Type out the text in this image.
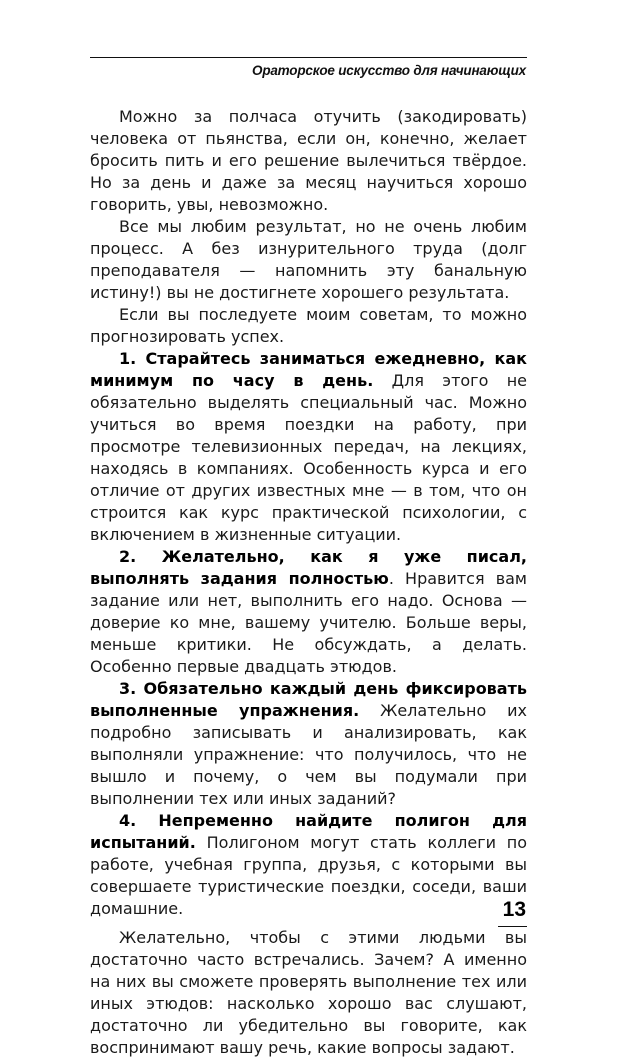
Ораторское искусство для начинающих

Можно за полчаса отучить (закодировать) человека от пьянства, если он, конечно, желает бросить пить и его решение вылечиться твёрдое. Но за день и даже за месяц научиться хорошо говорить, увы, невозможно.

Все мы любим результат, но не очень любим процесс. А без изнурительного труда (долг преподавателя — напомнить эту банальную истину!) вы не достигнете хорошего результата.

Если вы последуете моим советам, то можно прогнозировать успех.

1. Старайтесь заниматься ежедневно, как минимум по часу в день. Для этого не обязательно выделять специальный час. Можно учиться во время поездки на работу, при просмотре телевизионных передач, на лекциях, находясь в компаниях. Особенность курса и его отличие от других известных мне — в том, что он строится как курс практической психологии, с включением в жизненные ситуации.

2. Желательно, как я уже писал, выполнять задания полностью. Нравится вам задание или нет, выполнить его надо. Основа — доверие ко мне, вашему учителю. Больше веры, меньше критики. Не обсуждать, а делать. Особенно первые двадцать этюдов.

3. Обязательно каждый день фиксировать выполненные упражнения. Желательно их подробно записывать и анализировать, как выполняли упражнение: что получилось, что не вышло и почему, о чем вы подумали при выполнении тех или иных заданий?

4. Непременно найдите полигон для испытаний. Полигоном могут стать коллеги по работе, учебная группа, друзья, с которыми вы совершаете туристические поездки, соседи, ваши домашние.

Желательно, чтобы с этими людьми вы достаточно часто встречались. Зачем? А именно на них вы сможете проверять выполнение тех или иных этюдов: насколько хорошо вас слушают, достаточно ли убедительно вы говорите, как воспринимают вашу речь, какие вопросы задают.

13
